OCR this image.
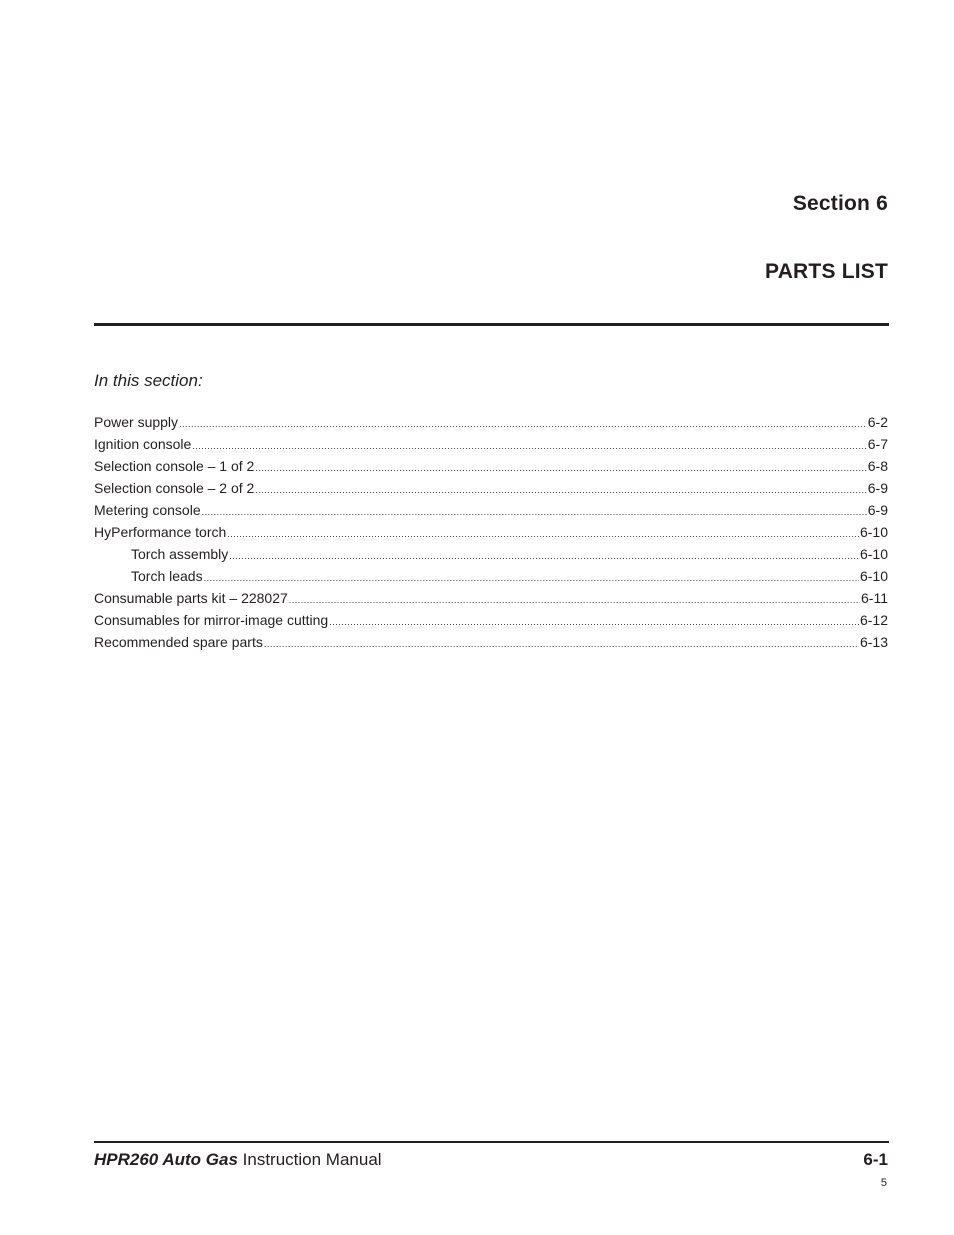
Section 6
PARTS LIST
In this section:
Power supply .....	6-2
Ignition console .....	6-7
Selection console – 1 of 2 .....	6-8
Selection console – 2 of 2 .....	6-9
Metering console .....	6-9
HyPerformance torch .....	6-10
Torch assembly .....	6-10
Torch leads .....	6-10
Consumable parts kit – 228027 .....	6-11
Consumables for mirror-image cutting .....	6-12
Recommended spare parts .....	6-13
HPR260 Auto Gas Instruction Manual	6-1
5
